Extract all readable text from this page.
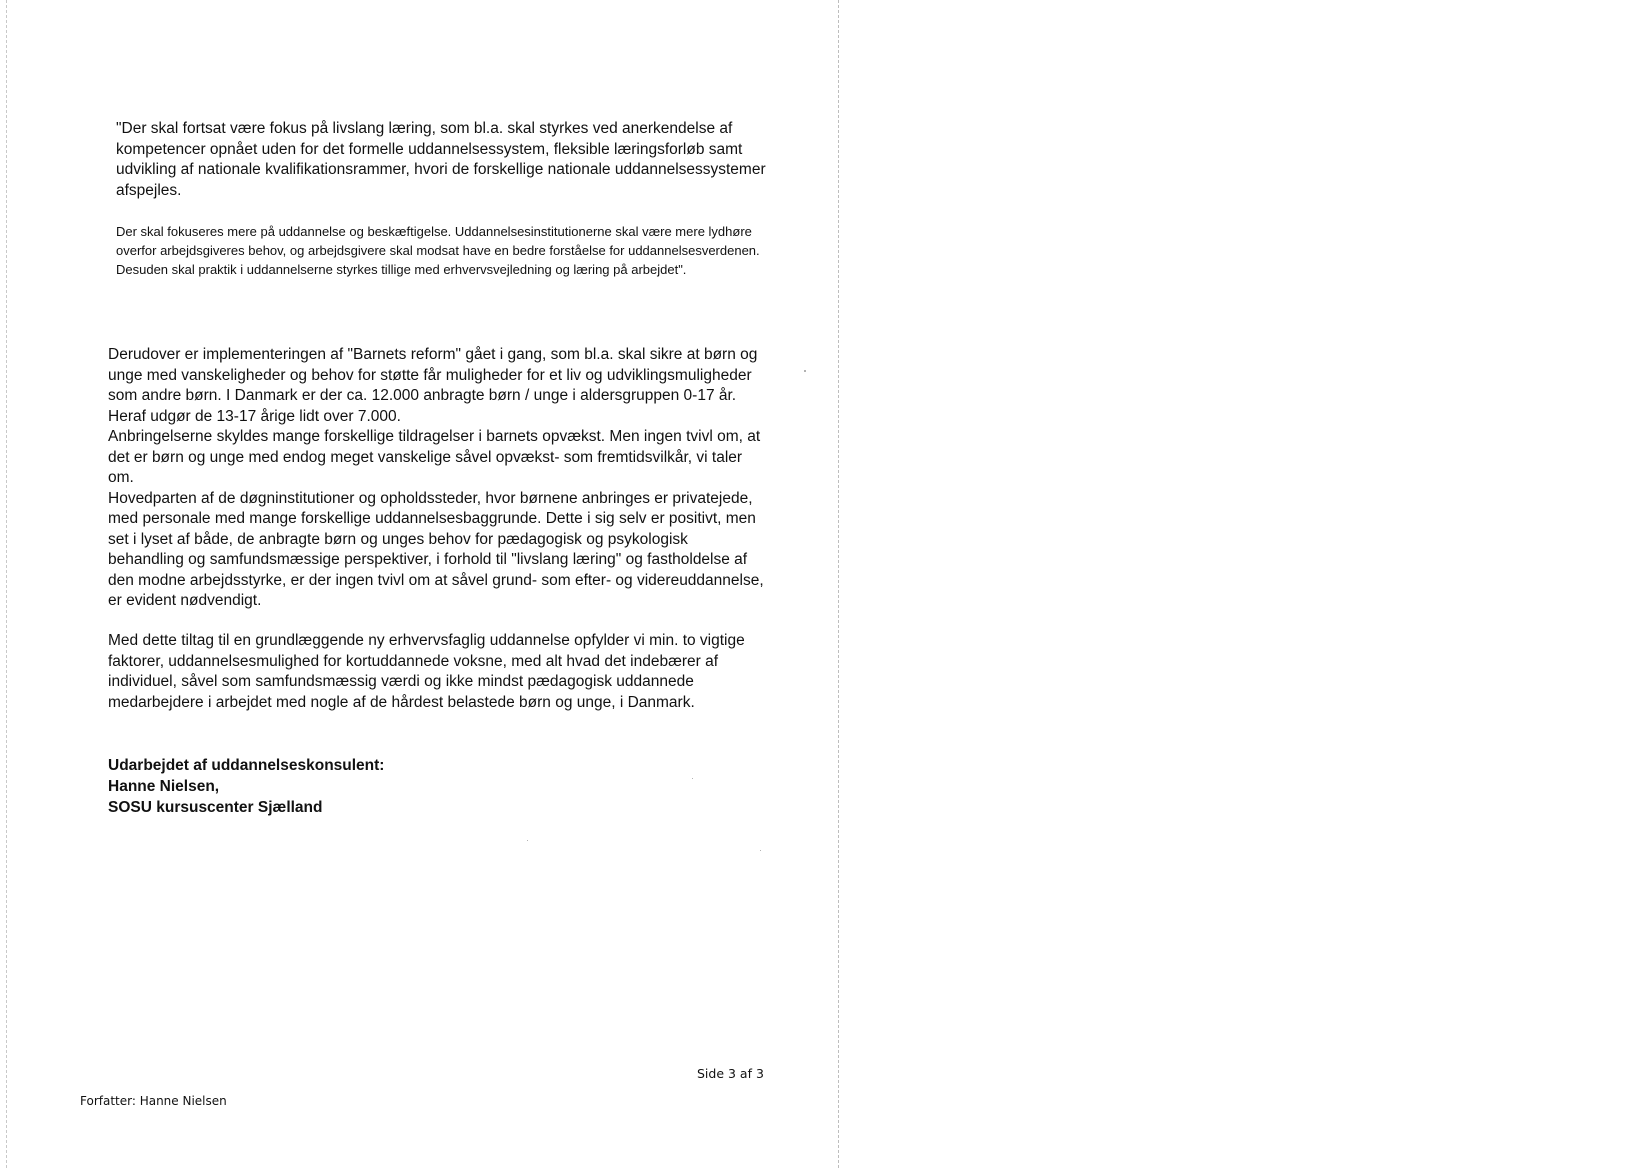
"Der skal fortsat være fokus på livslang læring, som bl.a. skal styrkes ved anerkendelse af kompetencer opnået uden for det formelle uddannelsessystem, fleksible læringsforløb samt udvikling af nationale kvalifikationsrammer, hvori de forskellige nationale uddannelsessystemer afspejles.

Der skal fokuseres mere på uddannelse og beskæftigelse. Uddannelsesinstitutionerne skal være mere lydhøre overfor arbejdsgiveres behov, og arbejdsgivere skal modsat have en bedre forståelse for uddannelsesverdenen. Desuden skal praktik i uddannelserne styrkes tillige med erhvervsvejledning og læring på arbejdet".

Derudover er implementeringen af "Barnets reform" gået i gang, som bl.a. skal sikre at børn og unge med vanskeligheder og behov for støtte får muligheder for et liv og udviklingsmuligheder som andre børn. I Danmark er der ca. 12.000 anbragte børn / unge i aldersgruppen 0-17 år. Heraf udgør de 13-17 årige lidt over 7.000.

Anbringelserne skyldes mange forskellige tildragelser i barnets opvækst. Men ingen tvivl om, at det er børn og unge med endog meget vanskelige såvel opvækst- som fremtidsvilkår, vi taler om.

Hovedparten af de døgninstitutioner og opholdssteder, hvor børnene anbringes er privatejede, med personale med mange forskellige uddannelsesbaggrunde. Dette i sig selv er positivt, men set i lyset af både, de anbragte børn og unges behov for pædagogisk og psykologisk behandling og samfundsmæssige perspektiver, i forhold til "livslang læring" og fastholdelse af den modne arbejdsstyrke, er der ingen tvivl om at såvel grund- som efter- og videreuddannelse, er evident nødvendigt.

Med dette tiltag til en grundlæggende ny erhvervsfaglig uddannelse opfylder vi min. to vigtige faktorer, uddannelsesmulighed for kortuddannede voksne, med alt hvad det indebærer af individuel, såvel som samfundsmæssig værdi og ikke mindst pædagogisk uddannede medarbejdere i arbejdet med nogle af de hårdest belastede børn og unge, i Danmark.

Udarbejdet af uddannelseskonsulent:
Hanne Nielsen,
SOSU kursuscenter Sjælland
Side 3 af 3
Forfatter: Hanne Nielsen
